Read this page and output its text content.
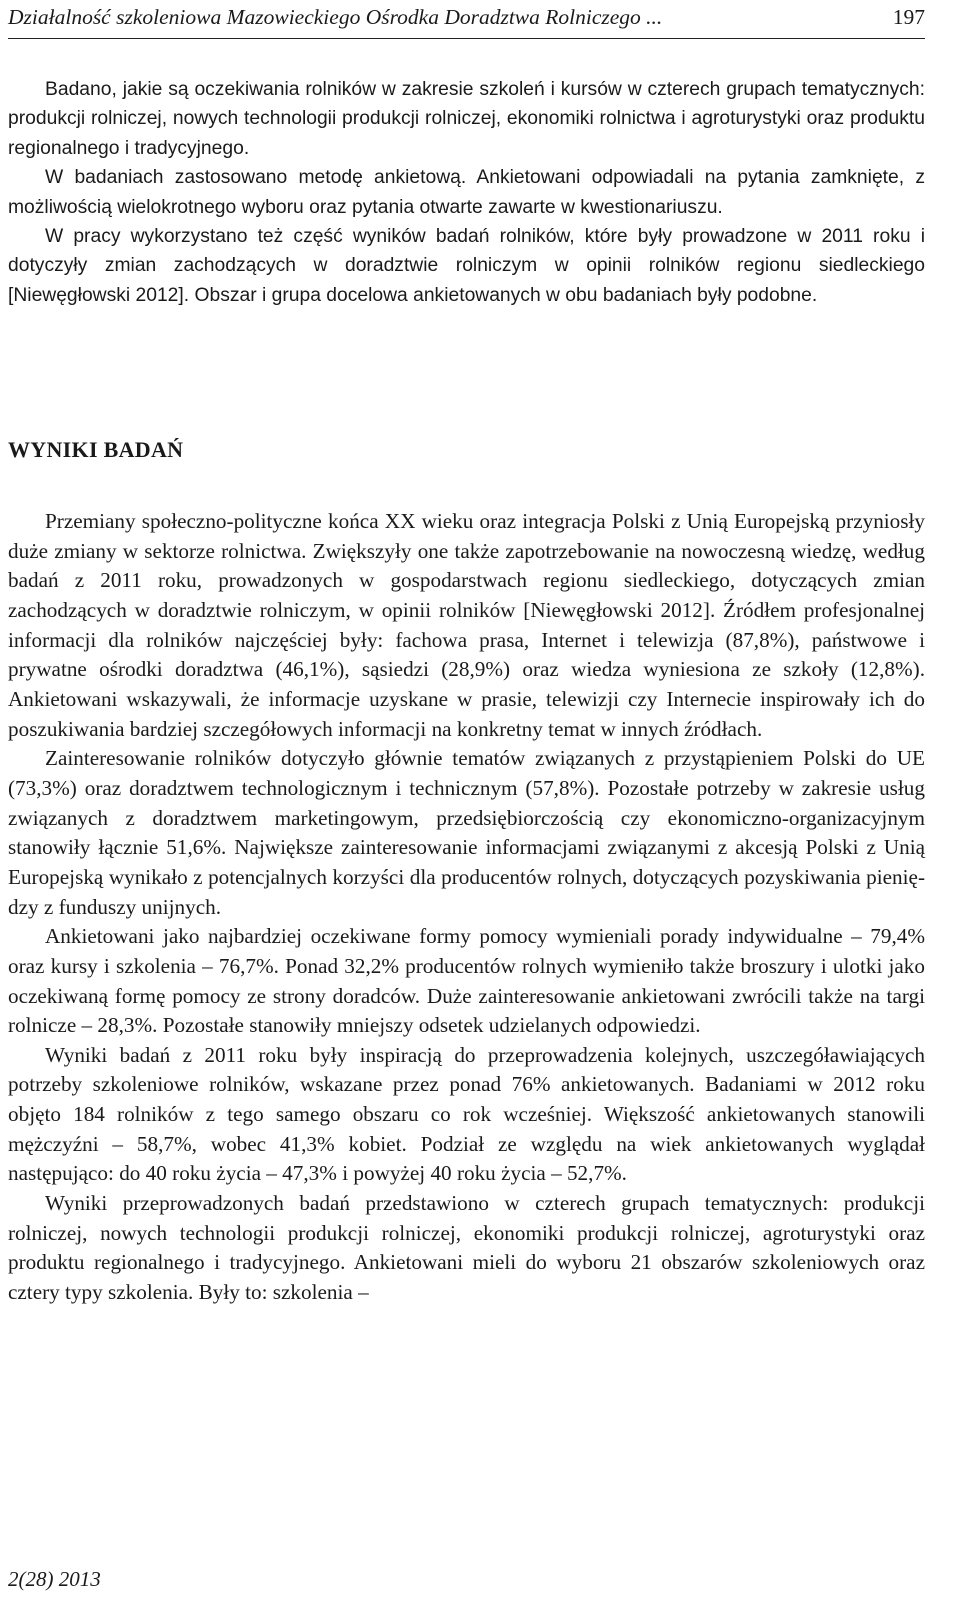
Działalność szkoleniowa Mazowieckiego Ośrodka Doradztwa Rolniczego ...	197

Badano, jakie są oczekiwania rolników w zakresie szkoleń i kursów w czterech grupach tematycznych: produkcji rolniczej, nowych technologii produkcji rolniczej, ekonomiki rolnictwa i agroturystyki oraz produktu regionalnego i tradycyjnego.

W badaniach zastosowano metodę ankietową. Ankietowani odpowiadali na pytania zamknięte, z możliwością wielokrotnego wyboru oraz pytania otwarte zawarte w kwestionariuszu.

W pracy wykorzystano też część wyników badań rolników, które były prowadzone w 2011 roku i dotyczyły zmian zachodzących w doradztwie rolniczym w opinii rolników regionu siedleckiego [Niewęgłowski 2012]. Obszar i grupa docelowa ankietowanych w obu badaniach były podobne.

WYNIKI BADAŃ

Przemiany społeczno-polityczne końca XX wieku oraz integracja Polski z Unią Europejską przyniosły duże zmiany w sektorze rolnictwa. Zwiększyły one także zapotrzebowanie na nowoczesną wiedzę, według badań z 2011 roku, prowadzonych w gospodarstwach regionu siedleckiego, dotyczących zmian zachodzących w doradztwie rolniczym, w opinii rolników [Niewęgłowski 2012]. Źródłem profesjonalnej informacji dla rolników najczęściej były: fachowa prasa, Internet i telewizja (87,8%), państwowe i prywatne ośrodki doradztwa (46,1%), sąsiedzi (28,9%) oraz wiedza wyniesiona ze szkoły (12,8%). Ankietowani wskazywali, że informacje uzyskane w prasie, telewizji czy Internecie inspirowały ich do poszukiwania bardziej szczegółowych informacji na konkretny temat w innych źródłach.

Zainteresowanie rolników dotyczyło głównie tematów związanych z przystąpieniem Polski do UE (73,3%) oraz doradztwem technologicznym i technicznym (57,8%). Pozostałe potrzeby w zakresie usług związanych z doradztwem marketingowym, przedsiębiorczością czy ekonomiczno-organizacyjnym stanowiły łącznie 51,6%. Największe zainteresowanie informacjami związanymi z akcesją Polski z Unią Europejską wynikało z potencjalnych korzyści dla producentów rolnych, dotyczących pozyskiwania pieniędzy z funduszy unijnych.

Ankietowani jako najbardziej oczekiwane formy pomocy wymieniali porady indywidualne – 79,4% oraz kursy i szkolenia – 76,7%. Ponad 32,2% producentów rolnych wymieniło także broszury i ulotki jako oczekiwaną formę pomocy ze strony doradców. Duże zainteresowanie ankietowani zwrócili także na targi rolnicze – 28,3%. Pozostałe stanowiły mniejszy odsetek udzielanych odpowiedzi.

Wyniki badań z 2011 roku były inspiracją do przeprowadzenia kolejnych, uszczegóławiających potrzeby szkoleniowe rolników, wskazane przez ponad 76% ankietowanych. Badaniami w 2012 roku objęto 184 rolników z tego samego obszaru co rok wcześniej. Większość ankietowanych stanowili mężczyźni – 58,7%, wobec 41,3% kobiet. Podział ze względu na wiek ankietowanych wyglądał następująco: do 40 roku życia – 47,3% i powyżej 40 roku życia – 52,7%.

Wyniki przeprowadzonych badań przedstawiono w czterech grupach tematycznych: produkcji rolniczej, nowych technologii produkcji rolniczej, ekonomiki produkcji rolniczej, agroturystyki oraz produktu regionalnego i tradycyjnego. Ankietowani mieli do wyboru 21 obszarów szkoleniowych oraz cztery typy szkolenia. Były to: szkolenia –

2(28) 2013
